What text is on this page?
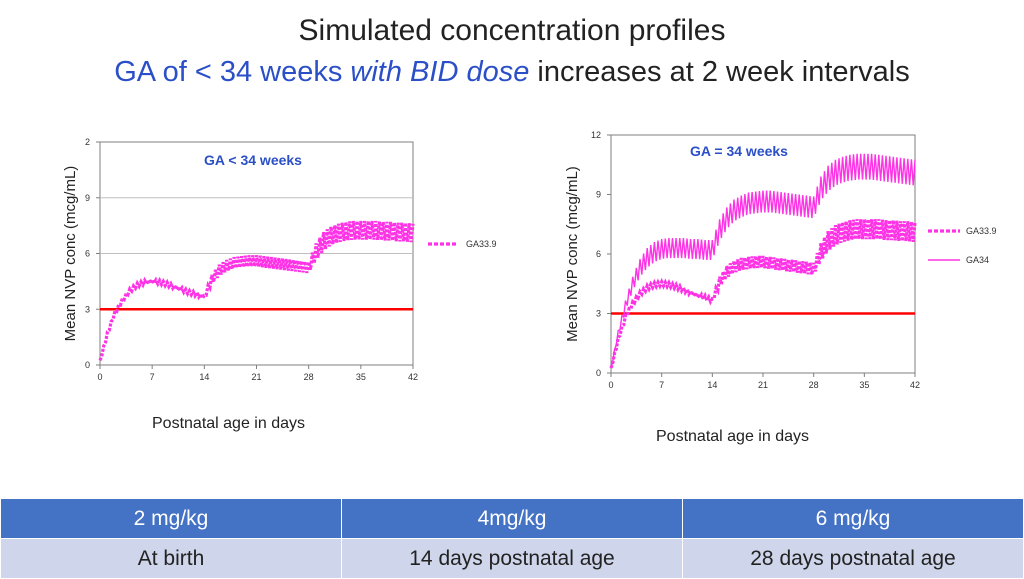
Simulated concentration profiles
GA of < 34 weeks with BID dose increases at 2 week intervals
0
3
6
9
2
0	7	14	21	28	35	42
Mean NVP conc (mcg/mL)
GA < 34 weeks
GA33.9
Postnatal age in days
0
3
6
9
12
0	7	14	21	28	35	42
Mean NVP conc (mcg/mL)
GA = 34 weeks
GA33.9
GA34
Postnatal age in days
2 mg/kg	4mg/kg	6 mg/kg
At birth	14 days postnatal age	28 days postnatal age
